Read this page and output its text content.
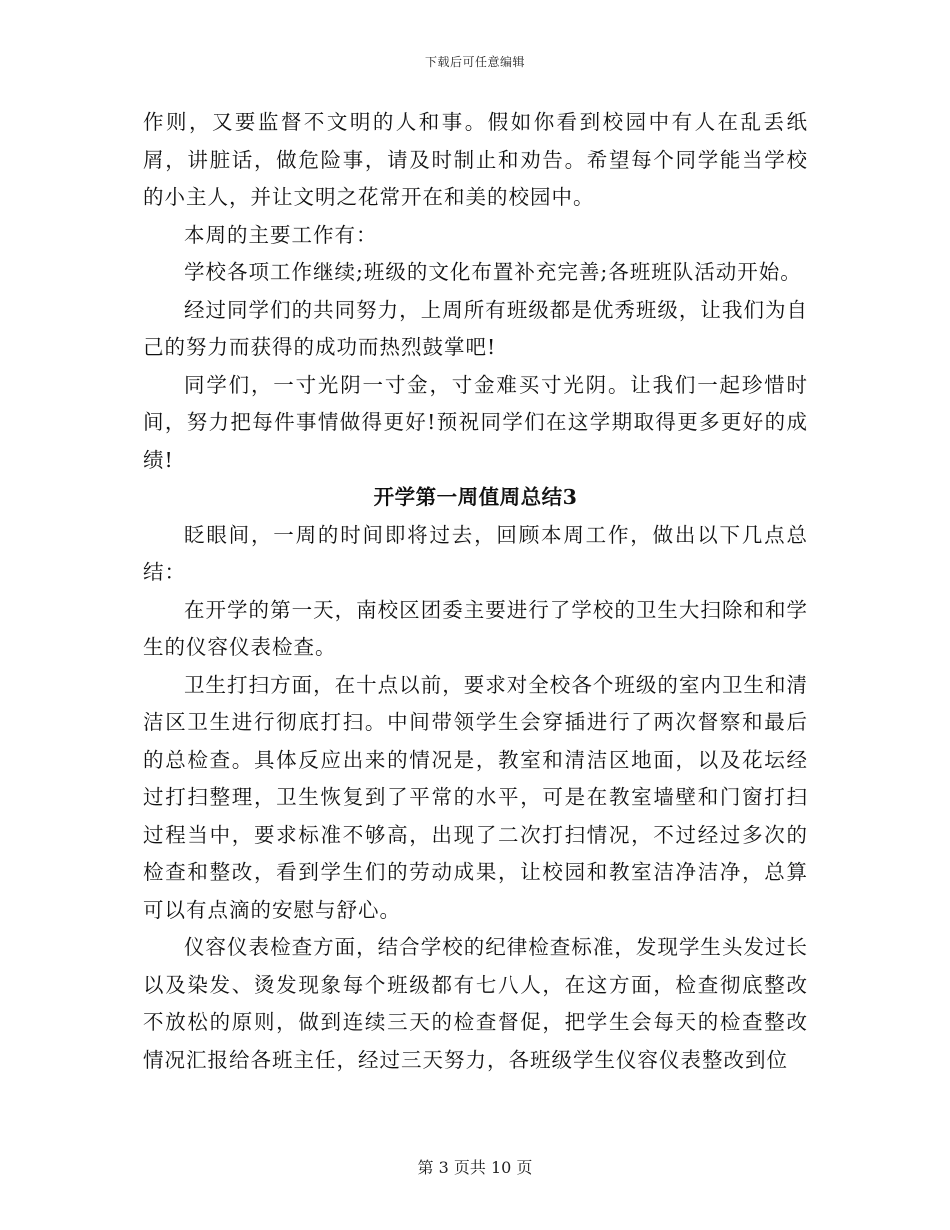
下载后可任意编辑

作则，又要监督不文明的人和事。假如你看到校园中有人在乱丢纸屑，讲脏话，做危险事，请及时制止和劝告。希望每个同学能当学校的小主人，并让文明之花常开在和美的校园中。

本周的主要工作有：

学校各项工作继续;班级的文化布置补充完善;各班班队活动开始。

经过同学们的共同努力，上周所有班级都是优秀班级，让我们为自己的努力而获得的成功而热烈鼓掌吧!

同学们，一寸光阴一寸金，寸金难买寸光阴。让我们一起珍惜时间，努力把每件事情做得更好!预祝同学们在这学期取得更多更好的成绩!

开学第一周值周总结3

眨眼间，一周的时间即将过去，回顾本周工作，做出以下几点总结：

在开学的第一天，南校区团委主要进行了学校的卫生大扫除和和学生的仪容仪表检查。

卫生打扫方面，在十点以前，要求对全校各个班级的室内卫生和清洁区卫生进行彻底打扫。中间带领学生会穿插进行了两次督察和最后的总检查。具体反应出来的情况是，教室和清洁区地面，以及花坛经过打扫整理，卫生恢复到了平常的水平，可是在教室墙壁和门窗打扫过程当中，要求标准不够高，出现了二次打扫情况，不过经过多次的检查和整改，看到学生们的劳动成果，让校园和教室洁净洁净，总算可以有点滴的安慰与舒心。

仪容仪表检查方面，结合学校的纪律检查标准，发现学生头发过长以及染发、烫发现象每个班级都有七八人，在这方面，检查彻底整改不放松的原则，做到连续三天的检查督促，把学生会每天的检查整改情况汇报给各班主任，经过三天努力，各班级学生仪容仪表整改到位

第 3 页共 10 页
